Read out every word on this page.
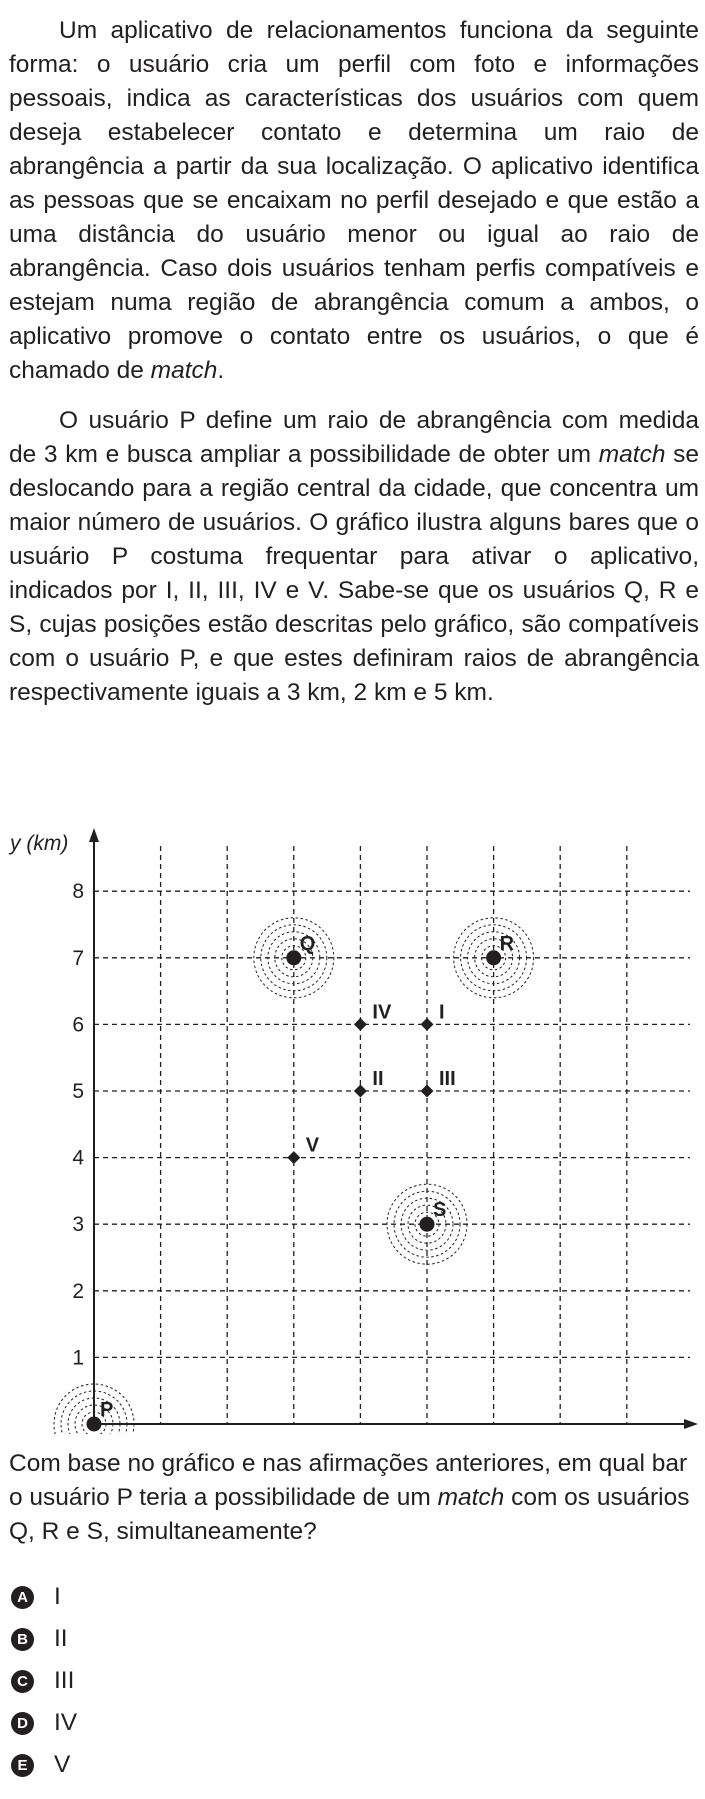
Um aplicativo de relacionamentos funciona da seguinte forma: o usuário cria um perfil com foto e informações pessoais, indica as características dos usuários com quem deseja estabelecer contato e determina um raio de abrangência a partir da sua localização. O aplicativo identifica as pessoas que se encaixam no perfil desejado e que estão a uma distância do usuário menor ou igual ao raio de abrangência. Caso dois usuários tenham perfis compatíveis e estejam numa região de abrangência comum a ambos, o aplicativo promove o contato entre os usuários, o que é chamado de match.

O usuário P define um raio de abrangência com medida de 3 km e busca ampliar a possibilidade de obter um match se deslocando para a região central da cidade, que concentra um maior número de usuários. O gráfico ilustra alguns bares que o usuário P costuma frequentar para ativar o aplicativo, indicados por I, II, III, IV e V. Sabe-se que os usuários Q, R e S, cujas posições estão descritas pelo gráfico, são compatíveis com o usuário P, e que estes definiram raios de abrangência respectivamente iguais a 3 km, 2 km e 5 km.

y (km)
1
2
3
4
5
6
7
8
P
Q	R
S
I
II	III
IV
V

Com base no gráfico e nas afirmações anteriores, em qual bar o usuário P teria a possibilidade de um match com os usuários Q, R e S, simultaneamente?

A I
B II
C III
D IV
E V
